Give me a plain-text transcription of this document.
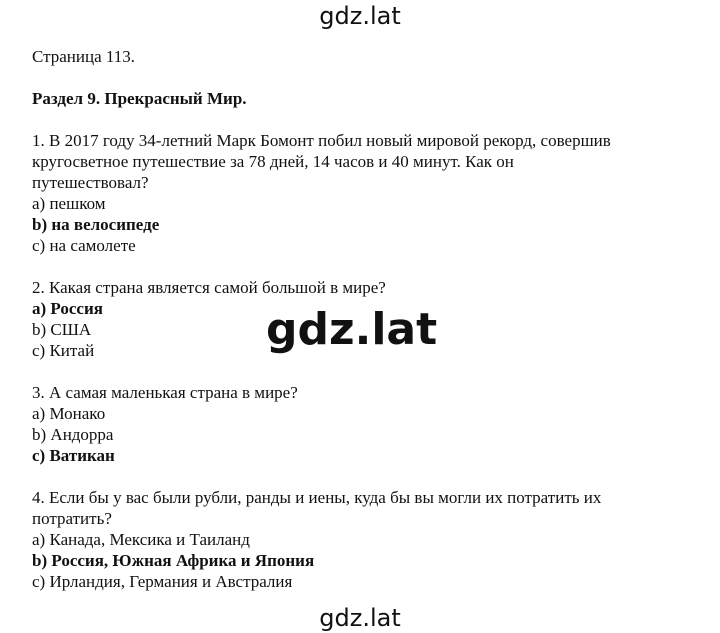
gdz.lat
gdz.lat
gdz.lat

Страница 113.

Раздел 9. Прекрасный Мир.

1. В 2017 году 34-летний Марк Бомонт побил новый мировой рекорд, совершив

кругосветное путешествие за 78 дней, 14 часов и 40 минут. Как он

путешествовал?

a) пешком

b) на велосипеде

c) на самолете

2. Какая страна является самой большой в мире?

a) Россия

b) США

c) Китай

3. А самая маленькая страна в мире?

a) Монако

b) Андорра

c) Ватикан

4. Если бы у вас были рубли, ранды и иены, куда бы вы могли их потратить их

потратить?

a) Канада, Мексика и Таиланд

b) Россия, Южная Африка и Япония

c) Ирландия, Германия и Австралия
